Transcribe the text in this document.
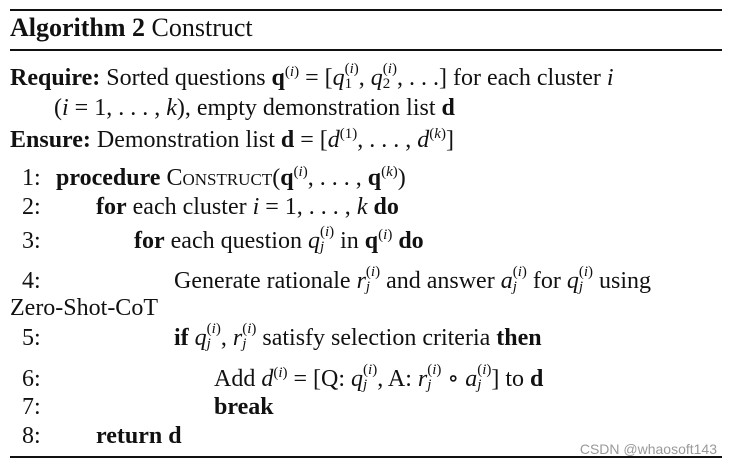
Algorithm 2 Construct
Require: Sorted questions $q^{(i)} = [q$ (i)
1 , q (i)
2 , . . .] for each cluster i
(i = 1, . . . , k), empty demonstration list d
Ensure: Demonstration list $d = [d^{(1)}$, . . . , $d^{(k)}$]
1: procedure $Construct(q^{(i)}$, . . . , $q^{(k)}$)
2:	for each cluster i = 1, . . . , k do
3:	for each question q (i)
j in $q^{(i)}$ do
4:	Generate rationale r (i)
j and answer a (i)
j for q (i)
j using
Zero-Shot-CoT
5:	if q (i)
j , r (i)
j satisfy selection criteria then
6:	Add $d^{(i)} = [Q$: q (i)
j , A: r (i)
j ∘ a (i)
j ] to d
7:	break
8:	return d	CSDN @whaosoft143
